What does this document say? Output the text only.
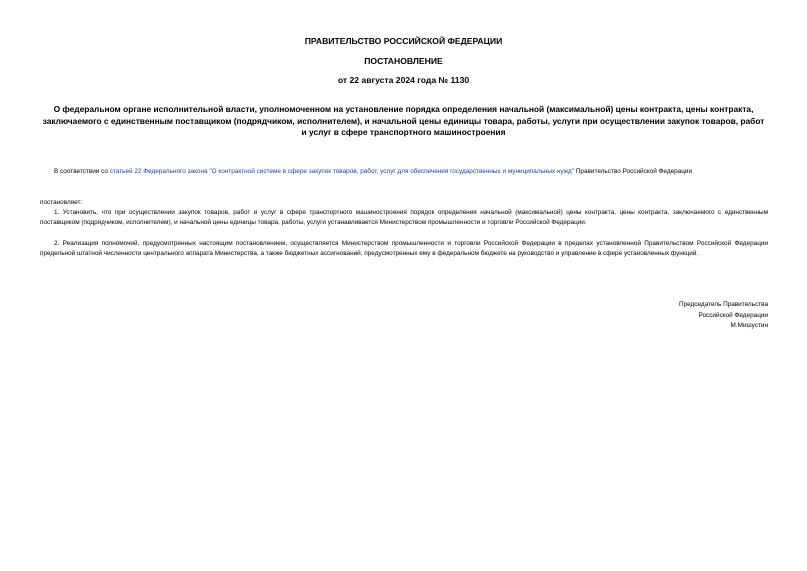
ПРАВИТЕЛЬСТВО РОССИЙСКОЙ ФЕДЕРАЦИИ
ПОСТАНОВЛЕНИЕ
от 22 августа 2024 года № 1130
О федеральном органе исполнительной власти, уполномоченном на установление порядка определения начальной (максимальной) цены контракта, цены контракта, заключаемого с единственным поставщиком (подрядчиком, исполнителем), и начальной цены единицы товара, работы, услуги при осуществлении закупок товаров, работ и услуг в сфере транспортного машиностроения
В соответствии со статьей 22 Федерального закона "О контрактной системе в сфере закупок товаров, работ, услуг для обеспечения государственных и муниципальных нужд" Правительство Российской Федерации
постановляет:
1. Установить, что при осуществлении закупок товаров, работ и услуг в сфере транспортного машиностроения порядок определения начальной (максимальной) цены контракта, цены контракта, заключаемого с единственным поставщиком (подрядчиком, исполнителем), и начальной цены единицы товара, работы, услуги устанавливается Министерством промышленности и торговли Российской Федерации.
2. Реализация полномочий, предусмотренных настоящим постановлением, осуществляется Министерством промышленности и торговли Российской Федерации в пределах установленной Правительством Российской Федерации предельной штатной численности центрального аппарата Министерства, а также бюджетных ассигнований, предусмотренных ему в федеральном бюджете на руководство и управление в сфере установленных функций.
Председатель Правительства
Российской Федерации
М.Мишустин
